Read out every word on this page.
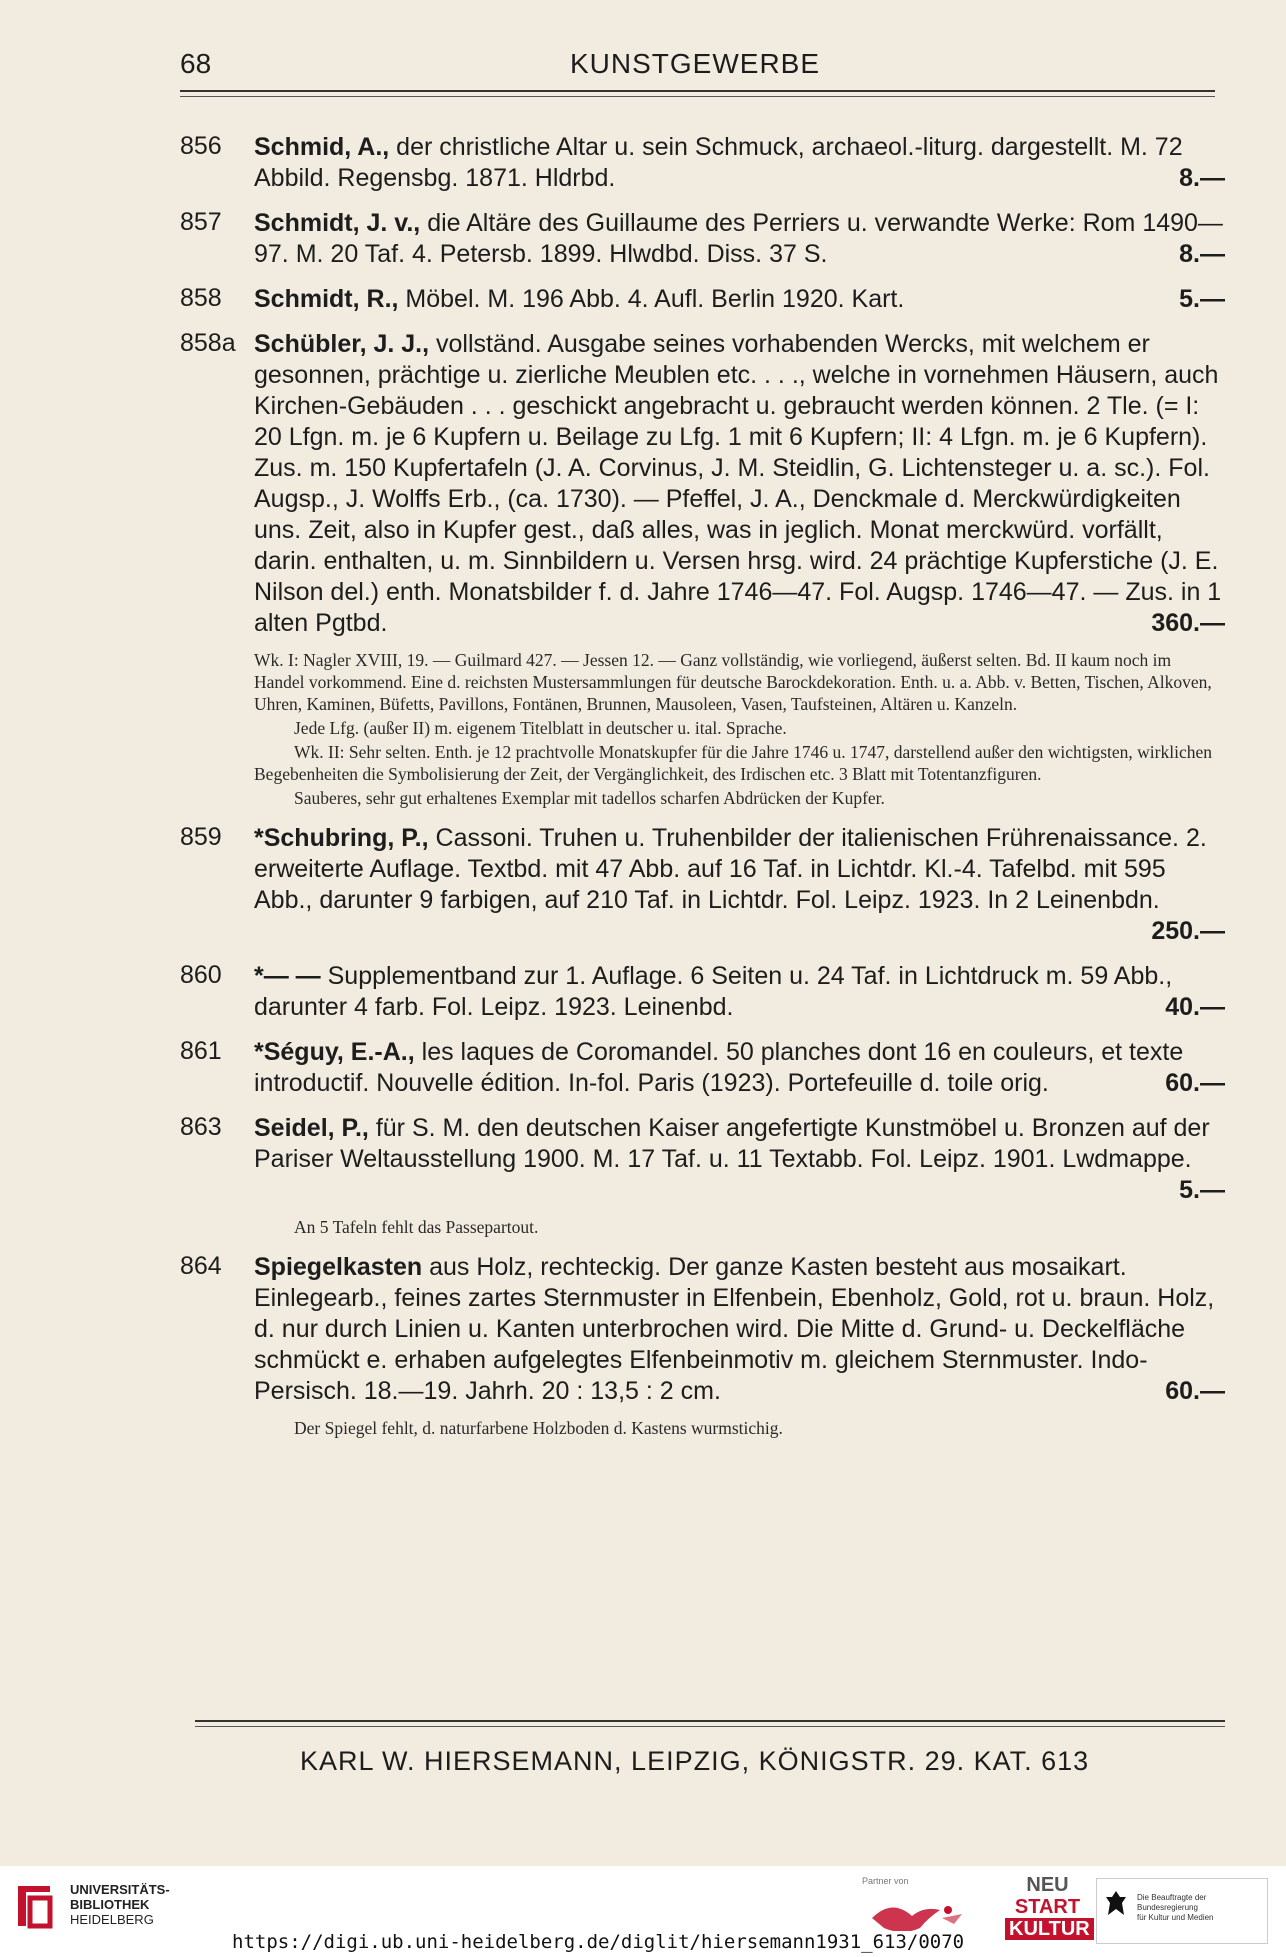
68	KUNSTGEWERBE
856 Schmid, A., der christliche Altar u. sein Schmuck, archaeol.-liturg. dargestellt. M. 72 Abbild. Regensbg. 1871. Hldrbd.	8.—
857 Schmidt, J. v., die Altäre des Guillaume des Perriers u. verwandte Werke: Rom 1490—97. M. 20 Taf. 4. Petersb. 1899. Hlwdbd. Diss. 37 S.	8.—
858 Schmidt, R., Möbel. M. 196 Abb. 4. Aufl. Berlin 1920. Kart.	5.—
858a Schübler, J. J., vollständ. Ausgabe seines vorhabenden Wercks, mit welchem er gesonnen, prächtige u. zierliche Meublen etc. . . ., welche in vornehmen Häusern, auch Kirchen-Gebäuden . . . geschickt angebracht u. gebraucht werden können. 2 Tle. (= I: 20 Lfgn. m. je 6 Kupfern u. Beilage zu Lfg. 1 mit 6 Kupfern; II: 4 Lfgn. m. je 6 Kupfern). Zus. m. 150 Kupfertafeln (J. A. Corvinus, J. M. Steidlin, G. Lichtensteger u. a. sc.). Fol. Augsp., J. Wolffs Erb., (ca. 1730). — Pfeffel, J. A., Denckmale d. Merckwürdigkeiten uns. Zeit, also in Kupfer gest., daß alles, was in jeglich. Monat merckwürd. vorfällt, darin. enthalten, u. m. Sinnbildern u. Versen hrsg. wird. 24 prächtige Kupferstiche (J. E. Nilson del.) enth. Monatsbilder f. d. Jahre 1746—47. Fol. Augsp. 1746—47. — Zus. in 1 alten Pgtbd.	360.—

Wk. I: Nagler XVIII, 19. — Guilmard 427. — Jessen 12. — Ganz vollständig, wie vorliegend, äußerst selten. Bd. II kaum noch im Handel vorkommend. Eine d. reichsten Mustersammlungen für deutsche Barockdekoration. Enth. u. a. Abb. v. Betten, Tischen, Alkoven, Uhren, Kaminen, Büfetts, Pavillons, Fontänen, Brunnen, Mausoleen, Vasen, Taufsteinen, Altären u. Kanzeln.

Jede Lfg. (außer II) m. eigenem Titelblatt in deutscher u. ital. Sprache.

Wk. II: Sehr selten. Enth. je 12 prachtvolle Monatskupfer für die Jahre 1746 u. 1747, darstellend außer den wichtigsten, wirklichen Begebenheiten die Symbolisierung der Zeit, der Vergänglichkeit, des Irdischen etc. 3 Blatt mit Totentanzfiguren.

Sauberes, sehr gut erhaltenes Exemplar mit tadellos scharfen Abdrücken der Kupfer.

859 *Schubring, P., Cassoni. Truhen u. Truhenbilder der italienischen Frührenaissance. 2. erweiterte Auflage. Textbd. mit 47 Abb. auf 16 Taf. in Lichtdr. Kl.-4. Tafelbd. mit 595 Abb., darunter 9 farbigen, auf 210 Taf. in Lichtdr. Fol. Leipz. 1923. In 2 Leinenbdn.
250.—
860 *— — Supplementband zur 1. Auflage. 6 Seiten u. 24 Taf. in Lichtdruck m. 59 Abb., darunter 4 farb. Fol. Leipz. 1923. Leinenbd.	40.—
861 *Séguy, E.-A., les laques de Coromandel. 50 planches dont 16 en couleurs, et texte introductif. Nouvelle édition. In-fol. Paris (1923). Portefeuille d. toile orig.	60.—
863 Seidel, P., für S. M. den deutschen Kaiser angefertigte Kunstmöbel u. Bronzen auf der Pariser Weltausstellung 1900. M. 17 Taf. u. 11 Textabb. Fol. Leipz. 1901. Lwdmappe.
5.—

An 5 Tafeln fehlt das Passepartout.

864 Spiegelkasten aus Holz, rechteckig. Der ganze Kasten besteht aus mosaikart. Einlegearb., feines zartes Sternmuster in Elfenbein, Ebenholz, Gold, rot u. braun. Holz, d. nur durch Linien u. Kanten unterbrochen wird. Die Mitte d. Grund- u. Deckelfläche schmückt e. erhaben aufgelegtes Elfenbeinmotiv m. gleichem Sternmuster. Indo-Persisch. 18.—19. Jahrh. 20 : 13,5 : 2 cm.	60.—

Der Spiegel fehlt, d. naturfarbene Holzboden d. Kastens wurmstichig.

KARL W. HIERSEMANN, LEIPZIG, KÖNIGSTR. 29. KAT. 613
UNIVERSITÄTS-
BIBLIOTHEK
HEIDELBERG
Partner von	NEU
START
KULTUR
Die Beauftragte der Bundesregierung
für Kultur und Medien
https://digi.ub.uni-heidelberg.de/diglit/hiersemann1931_613/0070
